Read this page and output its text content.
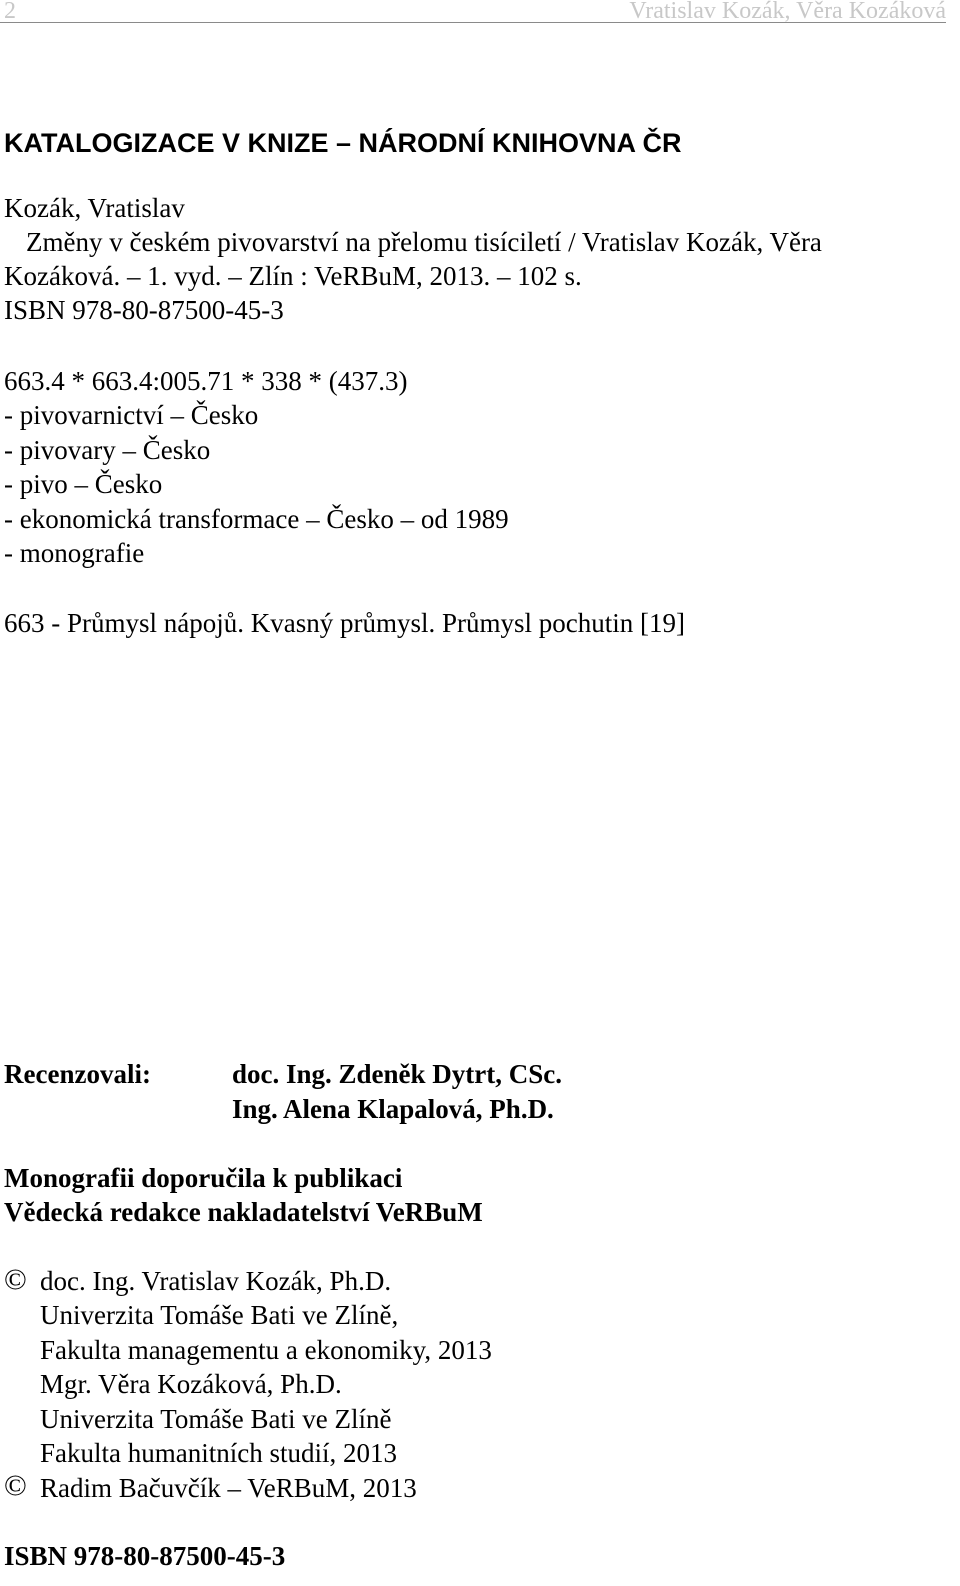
2	Vratislav Kozák, Věra Kozáková
KATALOGIZACE V KNIZE – NÁRODNÍ KNIHOVNA ČR
Kozák, Vratislav
Změny v českém pivovarství na přelomu tisíciletí / Vratislav Kozák, Věra
Kozáková. – 1. vyd. – Zlín : VeRBuM, 2013. – 102 s.
ISBN 978-80-87500-45-3
663.4 * 663.4:005.71 * 338 * (437.3)
- pivovarnictví – Česko
- pivovary – Česko
- pivo – Česko
- ekonomická transformace – Česko – od 1989
- monografie
663 - Průmysl nápojů. Kvasný průmysl. Průmysl pochutin [19]
Recenzovali:	doc. Ing. Zdeněk Dytrt, CSc.
Ing. Alena Klapalová, Ph.D.
Monografii doporučila k publikaci
Vědecká redakce nakladatelství VeRBuM
© doc. Ing. Vratislav Kozák, Ph.D.
Univerzita Tomáše Bati ve Zlíně,
Fakulta managementu a ekonomiky, 2013
Mgr. Věra Kozáková, Ph.D.
Univerzita Tomáše Bati ve Zlíně
Fakulta humanitních studií, 2013
© Radim Bačuvčík – VeRBuM, 2013
ISBN 978-80-87500-45-3
